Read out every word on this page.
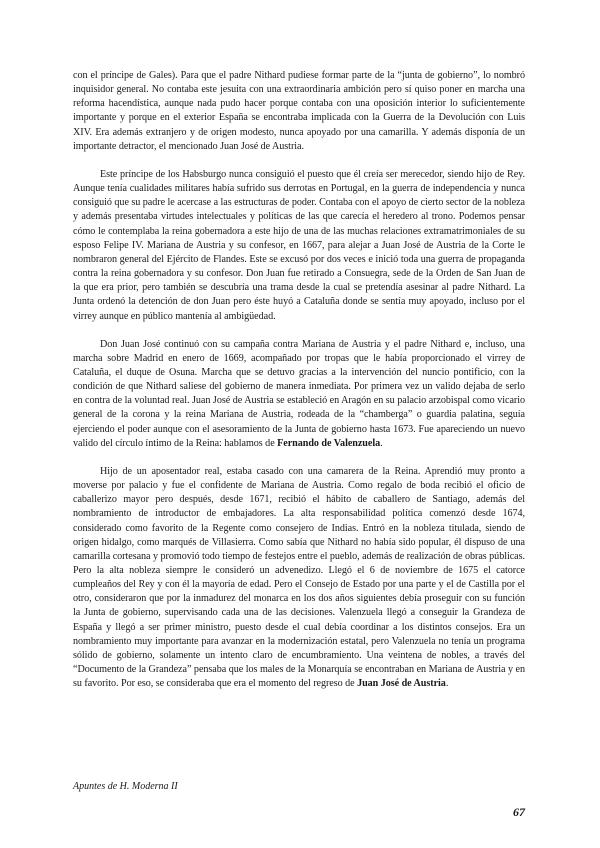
con el príncipe de Gales). Para que el padre Nithard pudiese formar parte de la “junta de gobierno”, lo nombró inquisidor general. No contaba este jesuita con una extraordinaria ambición pero sí quiso poner en marcha una reforma hacendística, aunque nada pudo hacer porque contaba con una oposición interior lo suficientemente importante y porque en el exterior España se encontraba implicada con la Guerra de la Devolución con Luis XIV. Era además extranjero y de origen modesto, nunca apoyado por una camarilla. Y además disponía de un importante detractor, el mencionado Juan José de Austria.

Este príncipe de los Habsburgo nunca consiguió el puesto que él creía ser merecedor, siendo hijo de Rey. Aunque tenía cualidades militares había sufrido sus derrotas en Portugal, en la guerra de independencia y nunca consiguió que su padre le acercase a las estructuras de poder. Contaba con el apoyo de cierto sector de la nobleza y además presentaba virtudes intelectuales y políticas de las que carecía el heredero al trono. Podemos pensar cómo le contemplaba la reina gobernadora a este hijo de una de las muchas relaciones extramatrimoniales de su esposo Felipe IV. Mariana de Austria y su confesor, en 1667, para alejar a Juan José de Austria de la Corte le nombraron general del Ejército de Flandes. Este se excusó por dos veces e inició toda una guerra de propaganda contra la reina gobernadora y su confesor. Don Juan fue retirado a Consuegra, sede de la Orden de San Juan de la que era prior, pero también se descubría una trama desde la cual se pretendía asesinar al padre Nithard. La Junta ordenó la detención de don Juan pero éste huyó a Cataluña donde se sentía muy apoyado, incluso por el virrey aunque en público mantenía al ambigüedad.

Don Juan José continuó con su campaña contra Mariana de Austria y el padre Nithard e, incluso, una marcha sobre Madrid en enero de 1669, acompañado por tropas que le había proporcionado el virrey de Cataluña, el duque de Osuna. Marcha que se detuvo gracias a la intervención del nuncio pontificio, con la condición de que Nithard saliese del gobierno de manera inmediata. Por primera vez un valido dejaba de serlo en contra de la voluntad real. Juan José de Austria se estableció en Aragón en su palacio arzobispal como vicario general de la corona y la reina Mariana de Austria, rodeada de la “chamberga” o guardia palatina, seguía ejerciendo el poder aunque con el asesoramiento de la Junta de gobierno hasta 1673. Fue apareciendo un nuevo valido del círculo íntimo de la Reina: hablamos de Fernando de Valenzuela.

Hijo de un aposentador real, estaba casado con una camarera de la Reina. Aprendió muy pronto a moverse por palacio y fue el confidente de Mariana de Austria. Como regalo de boda recibió el oficio de caballerizo mayor pero después, desde 1671, recibió el hábito de caballero de Santiago, además del nombramiento de introductor de embajadores. La alta responsabilidad política comenzó desde 1674, considerado como favorito de la Regente como consejero de Indias. Entró en la nobleza titulada, siendo de origen hidalgo, como marqués de Villasierra. Como sabía que Nithard no había sido popular, él dispuso de una camarilla cortesana y promovió todo tiempo de festejos entre el pueblo, además de realización de obras públicas. Pero la alta nobleza siempre le consideró un advenedizo. Llegó el 6 de noviembre de 1675 el catorce cumpleaños del Rey y con él la mayoría de edad. Pero el Consejo de Estado por una parte y el de Castilla por el otro, consideraron que por la inmadurez del monarca en los dos años siguientes debía proseguir con su función la Junta de gobierno, supervisando cada una de las decisiones. Valenzuela llegó a conseguir la Grandeza de España y llegó a ser primer ministro, puesto desde el cual debía coordinar a los distintos consejos. Era un nombramiento muy importante para avanzar en la modernización estatal, pero Valenzuela no tenía un programa sólido de gobierno, solamente un intento claro de encumbramiento. Una veintena de nobles, a través del “Documento de la Grandeza” pensaba que los males de la Monarquía se encontraban en Mariana de Austria y en su favorito. Por eso, se consideraba que era el momento del regreso de Juan José de Austria.

Apuntes de H. Moderna II
67
